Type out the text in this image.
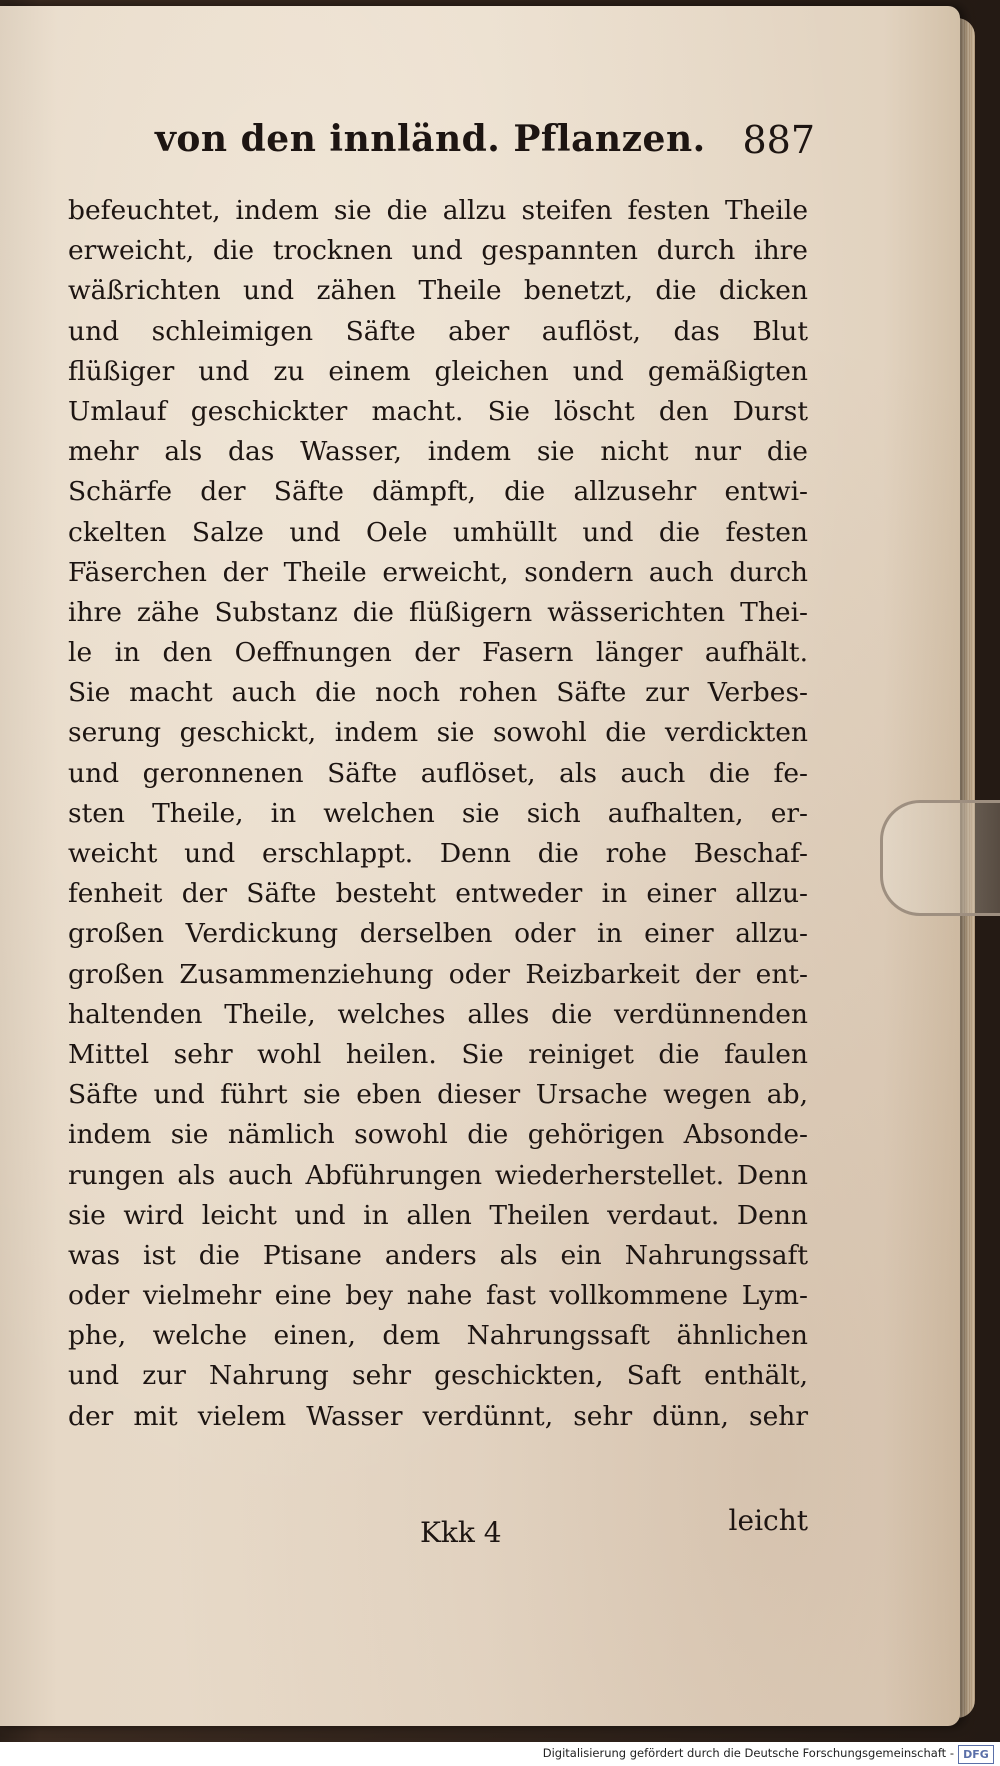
von den innländ. Pflanzen. 887
befeuchtet, indem sie die allzu steifen festen Theile
erweicht, die trocknen und gespannten durch ihre
wäßrichten und zähen Theile benetzt, die dicken
und schleimigen Säfte aber auflöst, das Blut
flüßiger und zu einem gleichen und gemäßigten
Umlauf geschickter macht. Sie löscht den Durst
mehr als das Wasser, indem sie nicht nur die
Schärfe der Säfte dämpft, die allzusehr entwi-
ckelten Salze und Oele umhüllt und die festen
Fäserchen der Theile erweicht, sondern auch durch
ihre zähe Substanz die flüßigern wässerichten Thei-
le in den Oeffnungen der Fasern länger aufhält.
Sie macht auch die noch rohen Säfte zur Verbes-
serung geschickt, indem sie sowohl die verdickten
und geronnenen Säfte auflöset, als auch die fe-
sten Theile, in welchen sie sich aufhalten, er-
weicht und erschlappt. Denn die rohe Beschaf-
fenheit der Säfte besteht entweder in einer allzu-
großen Verdickung derselben oder in einer allzu-
großen Zusammenziehung oder Reizbarkeit der ent-
haltenden Theile, welches alles die verdünnenden
Mittel sehr wohl heilen. Sie reiniget die faulen
Säfte und führt sie eben dieser Ursache wegen ab,
indem sie nämlich sowohl die gehörigen Absonde-
rungen als auch Abführungen wiederherstellet. Denn
sie wird leicht und in allen Theilen verdaut. Denn
was ist die Ptisane anders als ein Nahrungssaft
oder vielmehr eine bey nahe fast vollkommene Lym-
phe, welche einen, dem Nahrungssaft ähnlichen
und zur Nahrung sehr geschickten, Saft enthält,
der mit vielem Wasser verdünnt, sehr dünn, sehr
Kkk 4	leicht
Digitalisierung gefördert durch die Deutsche Forschungsgemeinschaft - DFG
